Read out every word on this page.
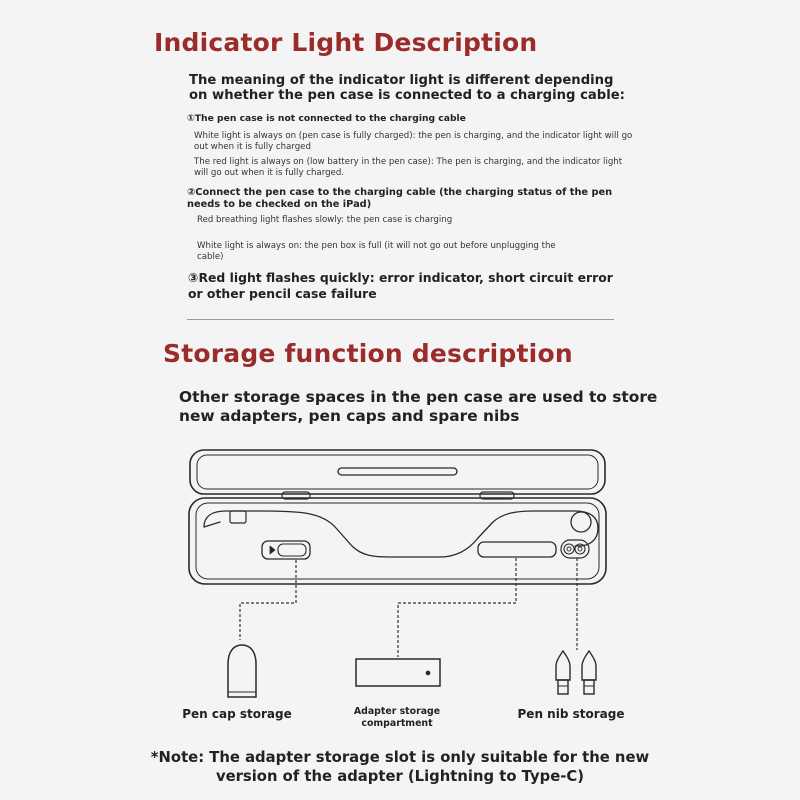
Indicator Light Description
The meaning of the indicator light is different depending on whether the pen case is connected to a charging cable:
①The pen case is not connected to the charging cable
White light is always on (pen case is fully charged): the pen is charging, and the indicator light will go out when it is fully charged
The red light is always on (low battery in the pen case): The pen is charging, and the indicator light will go out when it is fully charged.
②Connect the pen case to the charging cable (the charging status of the pen needs to be checked on the iPad)
Red breathing light flashes slowly: the pen case is charging
White light is always on: the pen box is full (it will not go out before unplugging the cable)
③Red light flashes quickly: error indicator, short circuit error or other pencil case failure
Storage function description
Other storage spaces in the pen case are used to store new adapters, pen caps and spare nibs
Pen cap storage	Adapter storage compartment
Pen nib storage
*Note: The adapter storage slot is only suitable for the new version of the adapter (Lightning to Type-C)
